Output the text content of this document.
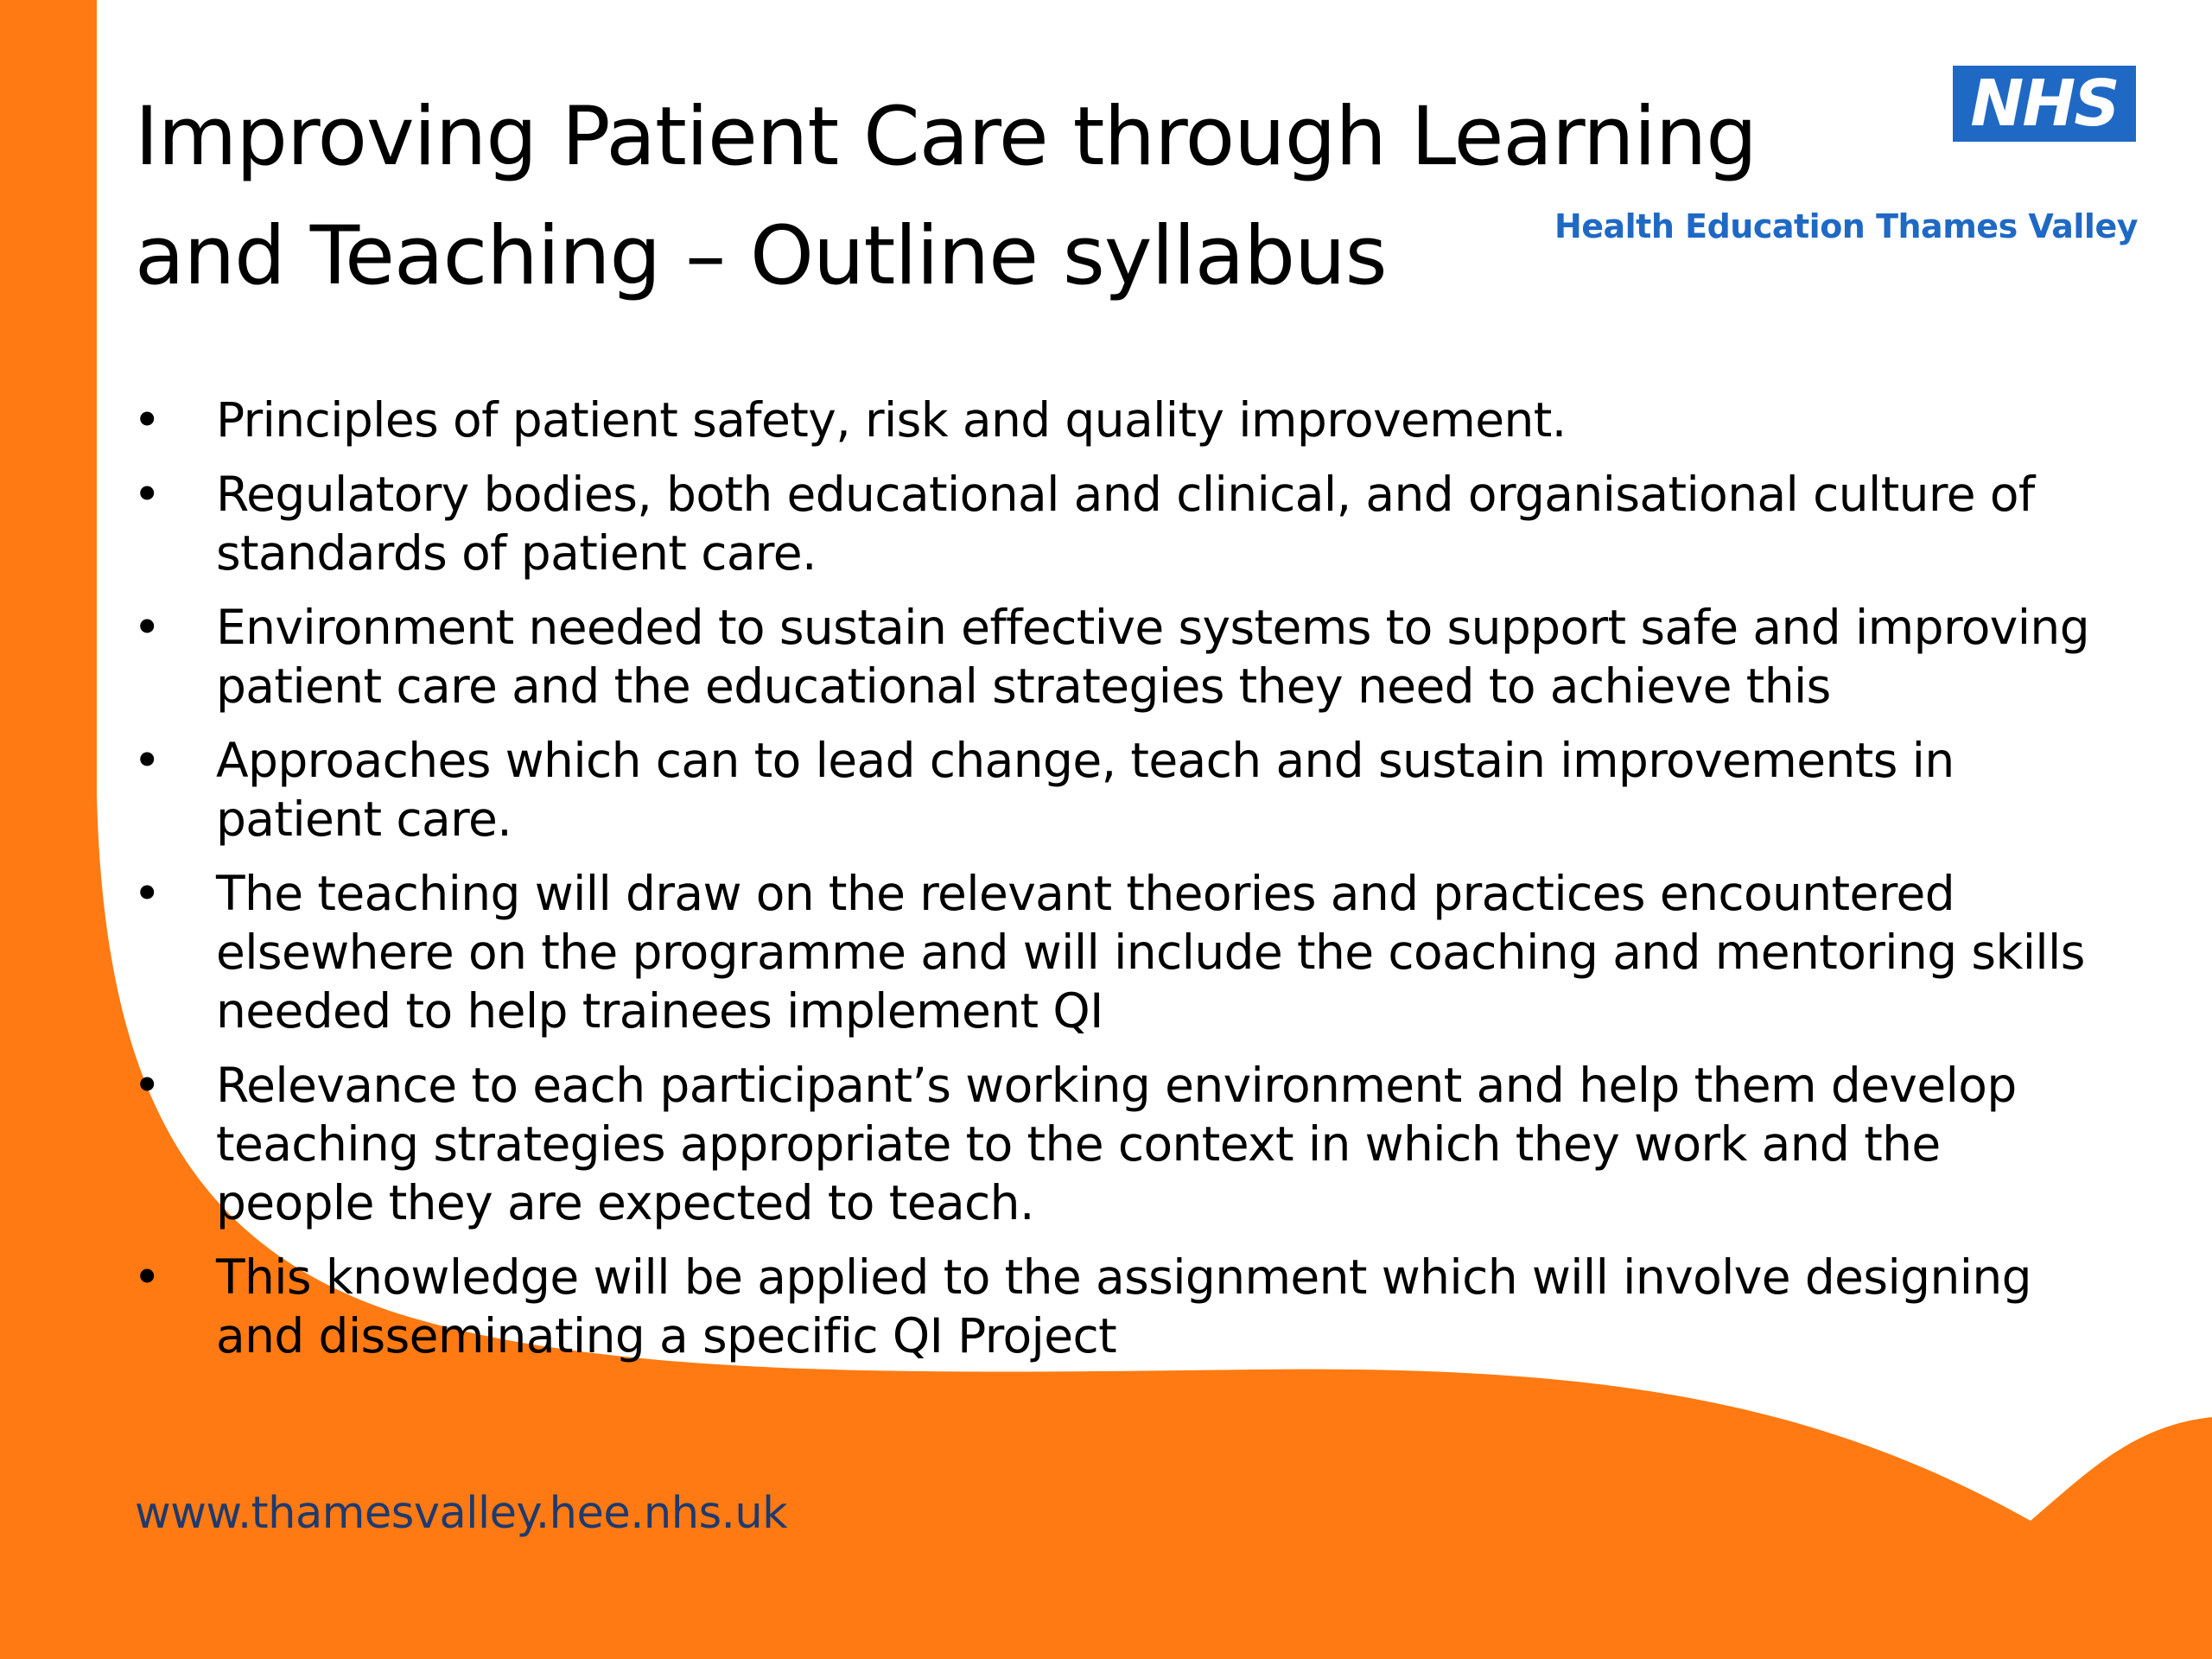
Improving Patient Care through Learning and Teaching – Outline syllabus
NHS
Health Education Thames Valley
• Principles of patient safety, risk and quality improvement.
• Regulatory bodies, both educational and clinical, and organisational culture of standards of patient care.
• Environment needed to sustain effective systems to support safe and improving patient care and the educational strategies they need to achieve this
• Approaches which can to lead change, teach and sustain improvements in patient care.
• The teaching will draw on the relevant theories and practices encountered elsewhere on the programme and will include the coaching and mentoring skills needed to help trainees implement QI
• Relevance to each participant’s working environment and help them develop teaching strategies appropriate to the context in which they work and the people they are expected to teach.
• This knowledge will be applied to the assignment which will involve designing and disseminating a specific QI Project
www.thamesvalley.hee.nhs.uk
